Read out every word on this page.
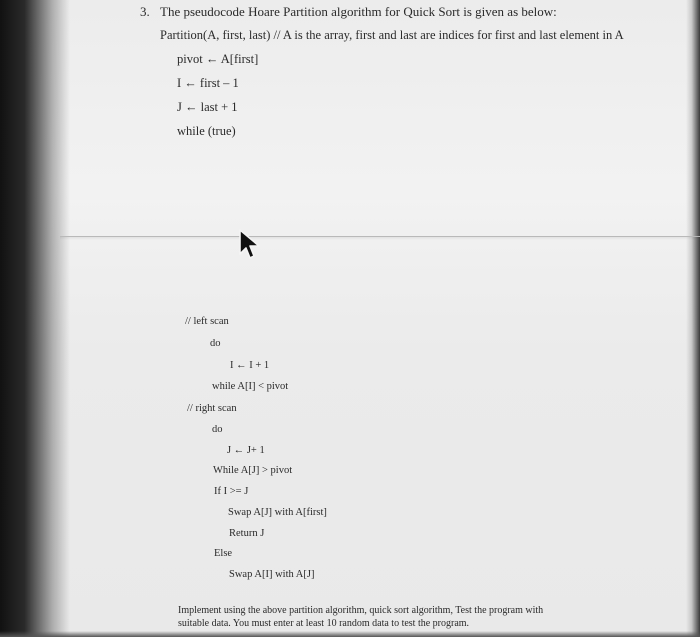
3. The pseudocode Hoare Partition algorithm for Quick Sort is given as below:
Partition(A, first, last) // A is the array, first and last are indices for first and last element in A
pivot ← A[first]
I ← first – 1
J ← last + 1
while (true)
// left scan
do
I ← I + 1
while A[I] < pivot
// right scan
do
J ← J+ 1
While A[J] > pivot
If I >= J
Swap A[J] with A[first]
Return J
Else
Swap A[I] with A[J]
Implement using the above partition algorithm, quick sort algorithm, Test the program with
suitable data. You must enter at least 10 random data to test the program.
